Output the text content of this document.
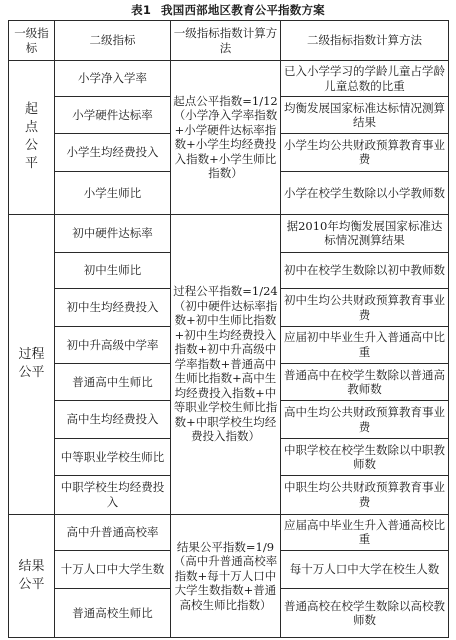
表1 我国西部地区教育公平指数方案
一级指标	二级指标	一级指标指数计算方法	二级指标指数计算方法

起点公平	小学净入学率	起点公平指数=1/12（小学净入学率指数+小学硬件达标率指数+小学生均经费投入指数+小学生师比指数）	已入小学学习的学龄儿童占学龄儿童总数的比重

	小学硬件达标率		均衡发展国家标准达标情况测算结果

	小学生均经费投入		小学生均公共财政预算教育事业费

	小学生师比		小学在校学生数除以小学教师数

过程公平	初中硬件达标率	过程公平指数=1/24（初中硬件达标率指数+初中生师比指数+初中生均经费投入指数+初中升高级中学率指数+普通高中生师比指数+高中生均经费投入指数+中等职业学校生师比指数+中职学校生均经费投入指数）	据2010年均衡发展国家标准达标情况测算结果

	初中生师比		初中在校学生数除以初中教师数

	初中生均经费投入		初中生均公共财政预算教育事业费

	初中升高级中学率		应届初中毕业生升入普通高中比重

	普通高中生师比		普通高中在校学生数除以普通高教师数

	高中生均经费投入		高中生均公共财政预算教育事业费

	中等职业学校生师比		中职学校在校学生数除以中职教师数

	中职学校生均经费投入		中职生均公共财政预算教育事业费

结果公平	高中升普通高校率	结果公平指数=1/9（高中升普通高校率指数+每十万人口中大学生数指数+普通高校生师比指数）	应届高中毕业生升入普通高校比重

	十万人口中大学生数		每十万人口中大学在校生人数

	普通高校生师比		普通高校在校学生数除以高校教师数
